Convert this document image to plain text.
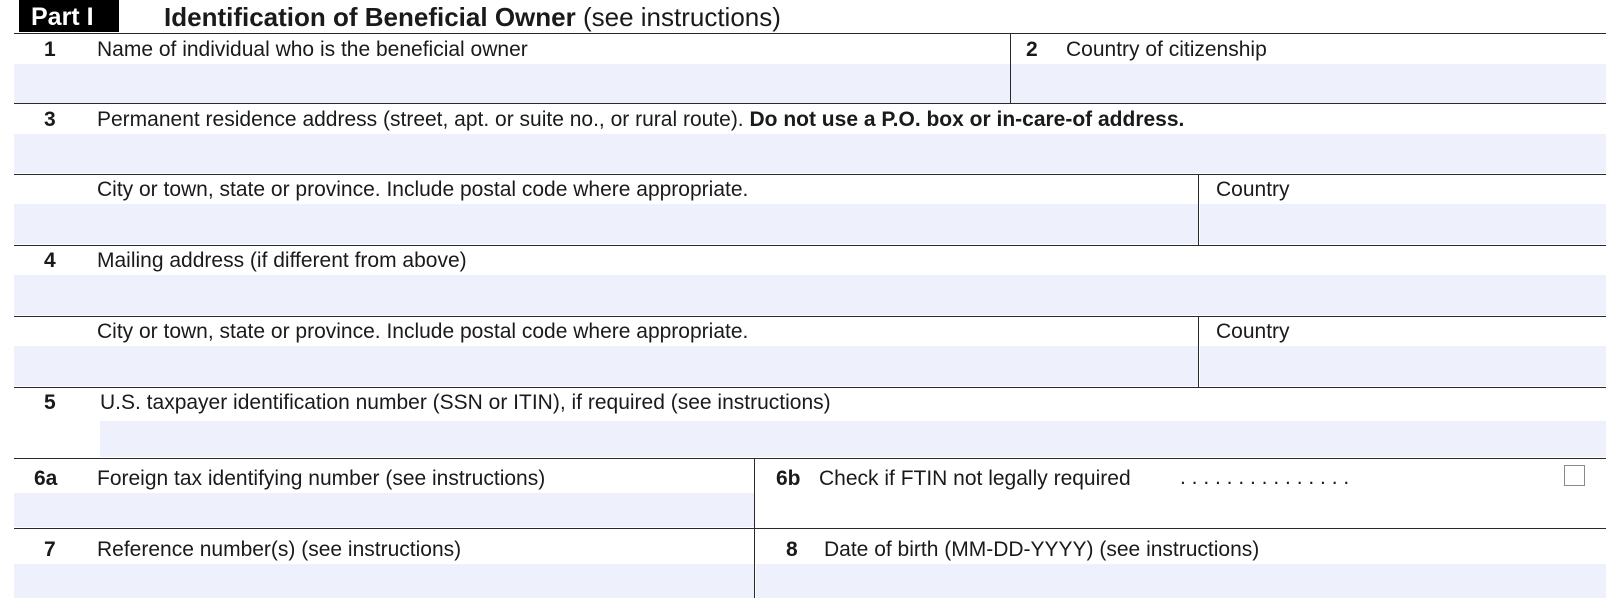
Part I	Identification of Beneficial Owner (see instructions)
1 Name of individual who is the beneficial owner	2 Country of citizenship
3 Permanent residence address (street, apt. or suite no., or rural route). Do not use a P.O. box or in-care-of address.
City or town, state or province. Include postal code where appropriate.	Country
4 Mailing address (if different from above)
City or town, state or province. Include postal code where appropriate.	Country
5 U.S. taxpayer identification number (SSN or ITIN), if required (see instructions)
6a Foreign tax identifying number (see instructions)	6b Check if FTIN not legally required . . . . . . . . . . . . . . .
7 Reference number(s) (see instructions)	8 Date of birth (MM-DD-YYYY) (see instructions)
